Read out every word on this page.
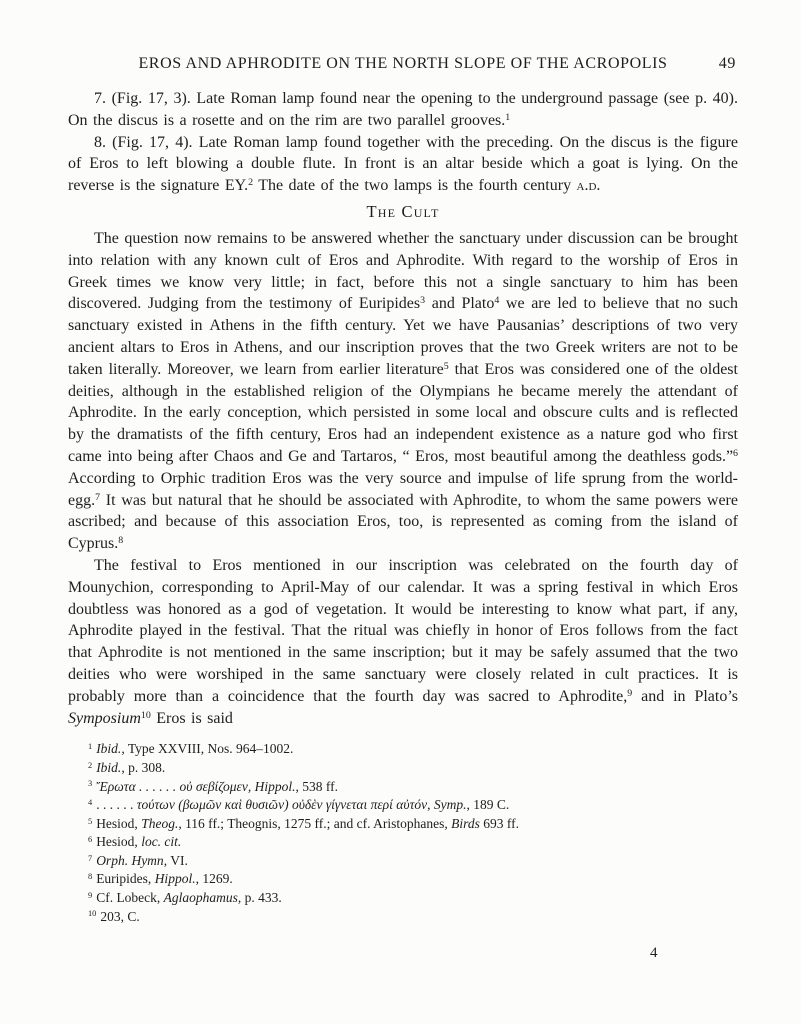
EROS AND APHRODITE ON THE NORTH SLOPE OF THE ACROPOLIS	49

7. (Fig. 17, 3). Late Roman lamp found near the opening to the underground passage (see p. 40). On the discus is a rosette and on the rim are two parallel grooves.$^1$

8. (Fig. 17, 4). Late Roman lamp found together with the preceding. On the discus is the figure of Eros to left blowing a double flute. In front is an altar beside which a goat is lying. On the reverse is the signature EY.$^2$ The date of the two lamps is the fourth century a.d.

The Cult

The question now remains to be answered whether the sanctuary under discussion can be brought into relation with any known cult of Eros and Aphrodite. With regard to the worship of Eros in Greek times we know very little; in fact, before this not a single sanctuary to him has been discovered. Judging from the testimony of Euripides$^3$ and Plato$^4$ we are led to believe that no such sanctuary existed in Athens in the fifth century. Yet we have Pausanias’ descriptions of two very ancient altars to Eros in Athens, and our inscription proves that the two Greek writers are not to be taken literally. Moreover, we learn from earlier literature$^5$ that Eros was considered one of the oldest deities, although in the established religion of the Olympians he became merely the attendant of Aphrodite. In the early conception, which persisted in some local and obscure cults and is reflected by the dramatists of the fifth century, Eros had an independent existence as a nature god who first came into being after Chaos and Ge and Tartaros, “ Eros, most beautiful among the deathless gods.”$^6$ According to Orphic tradition Eros was the very source and impulse of life sprung from the world-egg.$^7$ It was but natural that he should be associated with Aphrodite, to whom the same powers were ascribed; and because of this association Eros, too, is represented as coming from the island of Cyprus.$^8$

The festival to Eros mentioned in our inscription was celebrated on the fourth day of Mounychion, corresponding to April-May of our calendar. It was a spring festival in which Eros doubtless was honored as a god of vegetation. It would be interesting to know what part, if any, Aphrodite played in the festival. That the ritual was chiefly in honor of Eros follows from the fact that Aphrodite is not mentioned in the same inscription; but it may be safely assumed that the two deities who were worshiped in the same sanctuary were closely related in cult practices. It is probably more than a coincidence that the fourth day was sacred to Aphrodite,$^9$ and in Plato’s Symposium$^{10}$ Eros is said

$^1$ Ibid., Type XXVIII, Nos. 964–1002.

$^2$ Ibid., p. 308.

$^3$ Ἔρωτα . . . . . . οὐ σεβίζομεν, Hippol., 538 ff.

$^4$ . . . . . . τούτων (βωμῶν καὶ θυσιῶν) οὐδὲν γίγνεται περί αὐτόν, Symp., 189 C.

$^5$ Hesiod, Theog., 116 ff.; Theognis, 1275 ff.; and cf. Aristophanes, Birds 693 ff.

$^6$ Hesiod, loc. cit.

$^7$ Orph. Hymn, VI.

$^8$ Euripides, Hippol., 1269.

$^9$ Cf. Lobeck, Aglaophamus, p. 433.

$^{10}$ 203, C.

4
